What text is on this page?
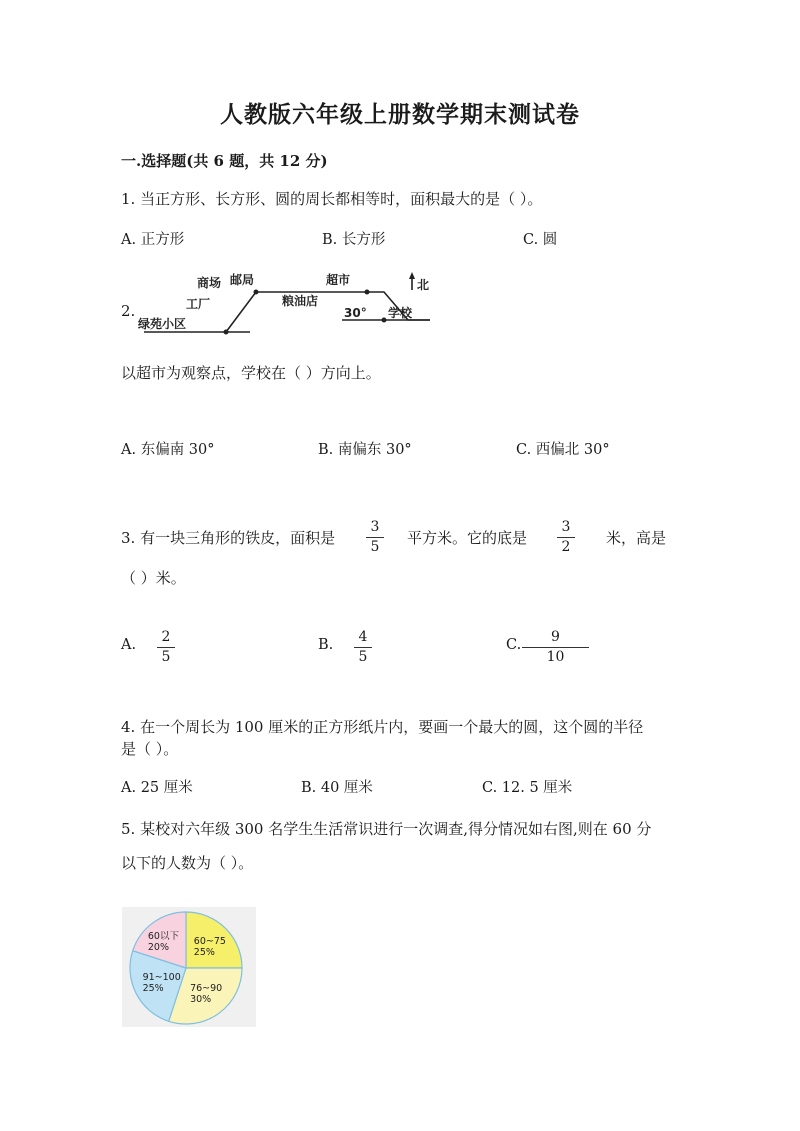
人教版六年级上册数学期末测试卷
一.选择题(共 6 题，共 12 分)
1. 当正方形、长方形、圆的周长都相等时，面积最大的是（ ）。
A. 正方形	B. 长方形	C. 圆
2.
商场 邮局	超市
工厂	粮油店
绿苑小区
学校
北
30°
以超市为观察点，学校在（ ）方向上。
A. 东偏南 30°	B. 南偏东 30°	C. 西偏北 30°
3. 有一块三角形的铁皮，面积是
3
5	平方米。它的底是
3
2	米，高是
（ ）米。
A.	2
5
B.	4
5
C.	9
10
4. 在一个周长为 100 厘米的正方形纸片内，要画一个最大的圆，这个圆的半径
是（ ）。
A. 25 厘米	B. 40 厘米	C. 12. 5 厘米
5. 某校对六年级 300 名学生生活常识进行一次调查,得分情况如右图,则在 60 分
以下的人数为（ ）。
60~75
25%
76~90
30%
91~100
25%
60以下
20%
